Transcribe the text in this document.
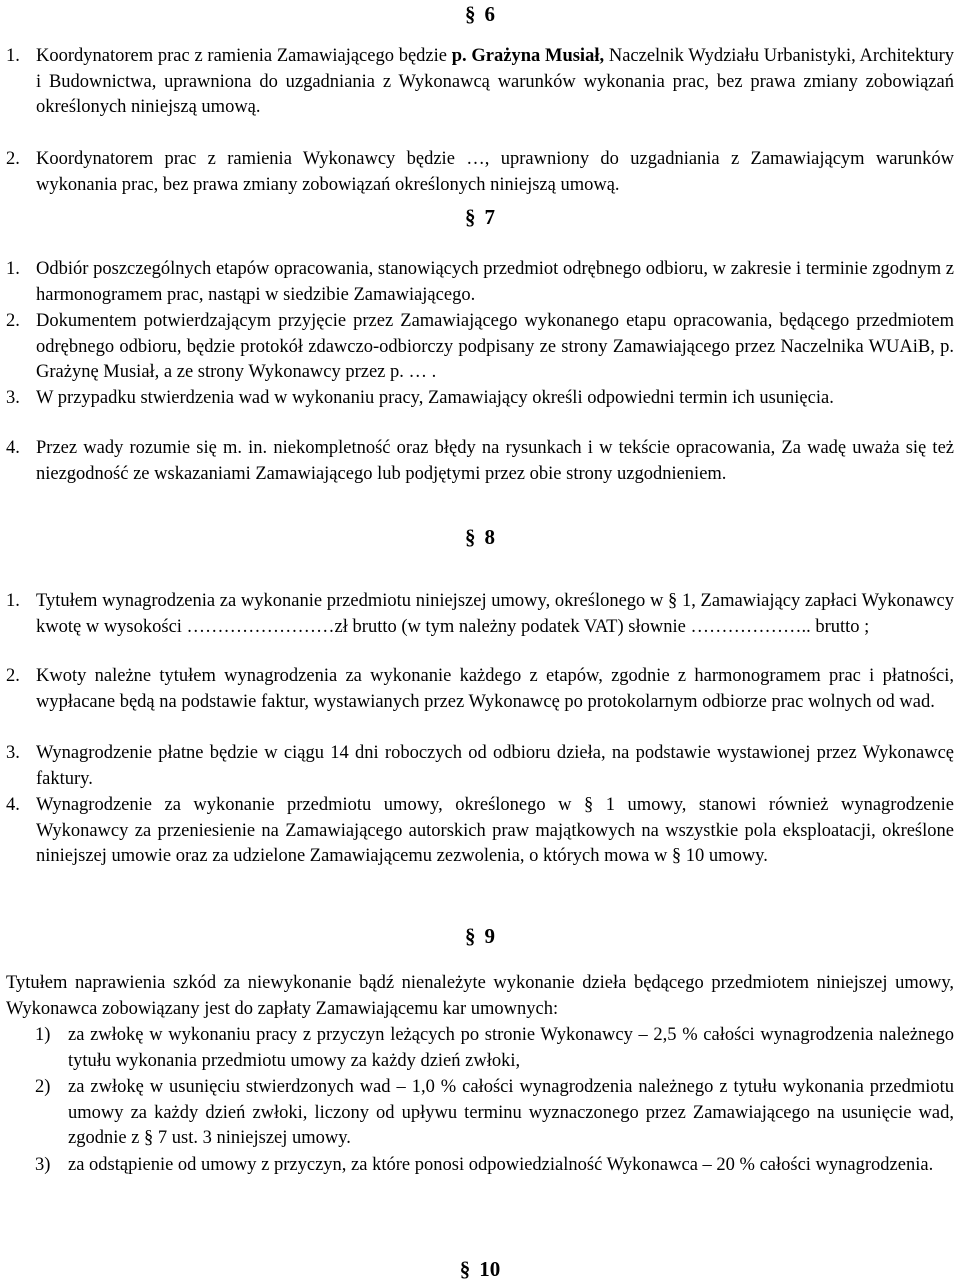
§ 6
1. Koordynatorem prac z ramienia Zamawiającego będzie p. Grażyna Musiał, Naczelnik Wydziału Urbanistyki, Architektury i Budownictwa, uprawniona do uzgadniania z Wykonawcą warunków wykonania prac, bez prawa zmiany zobowiązań określonych niniejszą umową.
2. Koordynatorem prac z ramienia Wykonawcy będzie …, uprawniony do uzgadniania z Zamawiającym warunków wykonania prac, bez prawa zmiany zobowiązań określonych niniejszą umową.
§ 7
1. Odbiór poszczególnych etapów opracowania, stanowiących przedmiot odrębnego odbioru, w zakresie i terminie zgodnym z harmonogramem prac, nastąpi w siedzibie Zamawiającego.
2. Dokumentem potwierdzającym przyjęcie przez Zamawiającego wykonanego etapu opracowania, będącego przedmiotem odrębnego odbioru, będzie protokół zdawczo-odbiorczy podpisany ze strony Zamawiającego przez Naczelnika WUAiB, p. Grażynę Musiał, a ze strony Wykonawcy przez p. … .
3. W przypadku stwierdzenia wad w wykonaniu pracy, Zamawiający określi odpowiedni termin ich usunięcia.
4. Przez wady rozumie się m. in. niekompletność oraz błędy na rysunkach i w tekście opracowania, Za wadę uważa się też niezgodność ze wskazaniami Zamawiającego lub podjętymi przez obie strony uzgodnieniem.
§ 8
1. Tytułem wynagrodzenia za wykonanie przedmiotu niniejszej umowy, określonego w § 1, Zamawiający zapłaci Wykonawcy kwotę w wysokości ……………………zł brutto (w tym należny podatek VAT) słownie ……………….. brutto ;
2. Kwoty należne tytułem wynagrodzenia za wykonanie każdego z etapów, zgodnie z harmonogramem prac i płatności, wypłacane będą na podstawie faktur, wystawianych przez Wykonawcę po protokolarnym odbiorze prac wolnych od wad.
3. Wynagrodzenie płatne będzie w ciągu 14 dni roboczych od odbioru dzieła, na podstawie wystawionej przez Wykonawcę faktury.
4. Wynagrodzenie za wykonanie przedmiotu umowy, określonego w § 1 umowy, stanowi również wynagrodzenie Wykonawcy za przeniesienie na Zamawiającego autorskich praw majątkowych na wszystkie pola eksploatacji, określone niniejszej umowie oraz za udzielone Zamawiającemu zezwolenia, o których mowa w § 10 umowy.
§ 9
Tytułem naprawienia szkód za niewykonanie bądź nienależyte wykonanie dzieła będącego przedmiotem niniejszej umowy, Wykonawca zobowiązany jest do zapłaty Zamawiającemu kar umownych:
1) za zwłokę w wykonaniu pracy z przyczyn leżących po stronie Wykonawcy – 2,5 % całości wynagrodzenia należnego tytułu wykonania przedmiotu umowy za każdy dzień zwłoki,
2) za zwłokę w usunięciu stwierdzonych wad – 1,0 % całości wynagrodzenia należnego z tytułu wykonania przedmiotu umowy za każdy dzień zwłoki, liczony od upływu terminu wyznaczonego przez Zamawiającego na usunięcie wad, zgodnie z § 7 ust. 3 niniejszej umowy.
3) za odstąpienie od umowy z przyczyn, za które ponosi odpowiedzialność Wykonawca – 20 % całości wynagrodzenia.
§ 10
